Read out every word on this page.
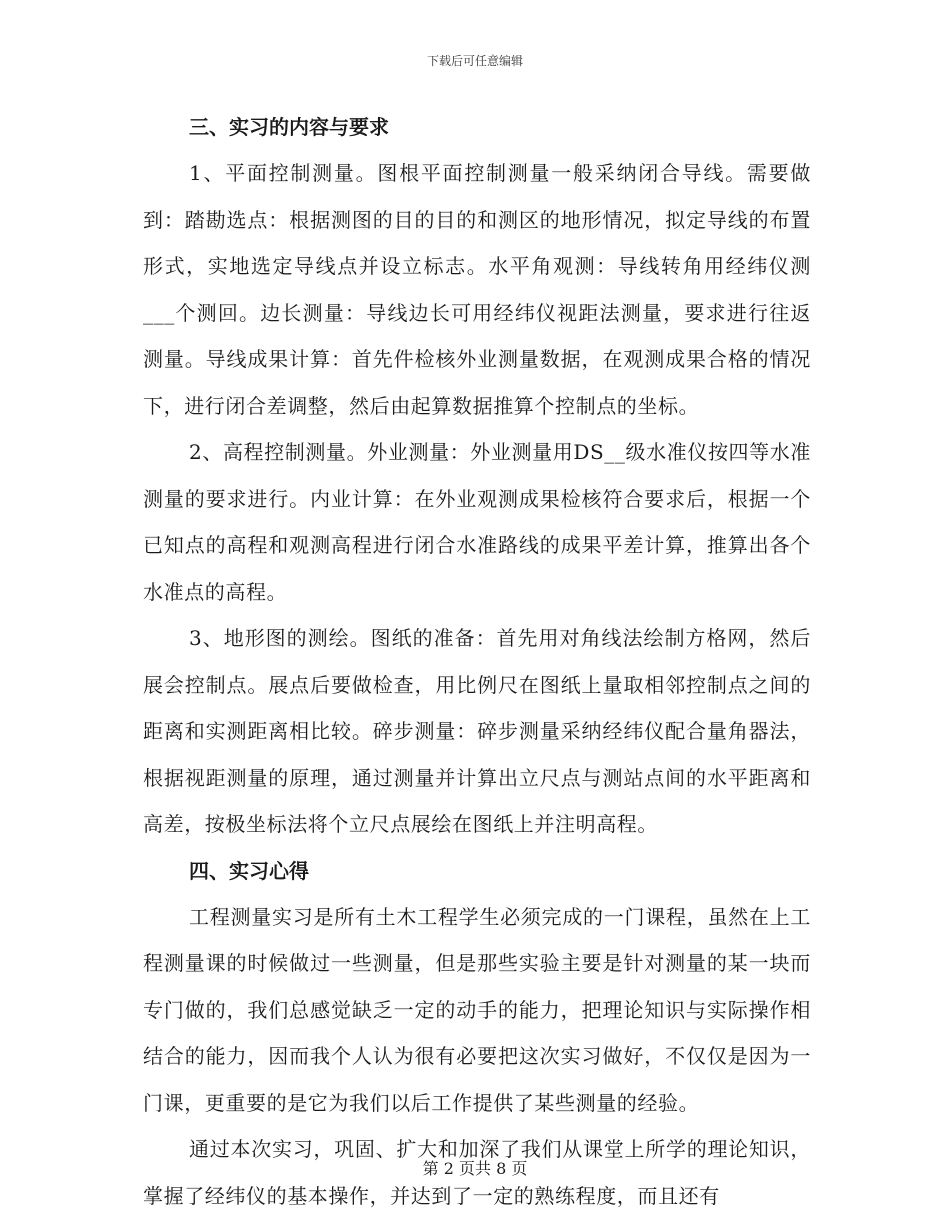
下载后可任意编辑
三、实习的内容与要求

1、平面控制测量。图根平面控制测量一般采纳闭合导线。需要做到：踏勘选点：根据测图的目的目的和测区的地形情况，拟定导线的布置形式，实地选定导线点并设立标志。水平角观测：导线转角用经纬仪测___个测回。边长测量：导线边长可用经纬仪视距法测量，要求进行往返测量。导线成果计算：首先件检核外业测量数据，在观测成果合格的情况下，进行闭合差调整，然后由起算数据推算个控制点的坐标。

2、高程控制测量。外业测量：外业测量用DS__级水准仪按四等水准测量的要求进行。内业计算：在外业观测成果检核符合要求后，根据一个已知点的高程和观测高程进行闭合水准路线的成果平差计算，推算出各个水准点的高程。

3、地形图的测绘。图纸的准备：首先用对角线法绘制方格网，然后展会控制点。展点后要做检查，用比例尺在图纸上量取相邻控制点之间的距离和实测距离相比较。碎步测量：碎步测量采纳经纬仪配合量角器法，根据视距测量的原理，通过测量并计算出立尺点与测站点间的水平距离和高差，按极坐标法将个立尺点展绘在图纸上并注明高程。

四、实习心得

工程测量实习是所有土木工程学生必须完成的一门课程，虽然在上工程测量课的时候做过一些测量，但是那些实验主要是针对测量的某一块而专门做的，我们总感觉缺乏一定的动手的能力，把理论知识与实际操作相结合的能力，因而我个人认为很有必要把这次实习做好，不仅仅是因为一门课，更重要的是它为我们以后工作提供了某些测量的经验。

通过本次实习，巩固、扩大和加深了我们从课堂上所学的理论知识，掌握了经纬仪的基本操作，并达到了一定的熟练程度，而且还有

第 2 页共 8 页
